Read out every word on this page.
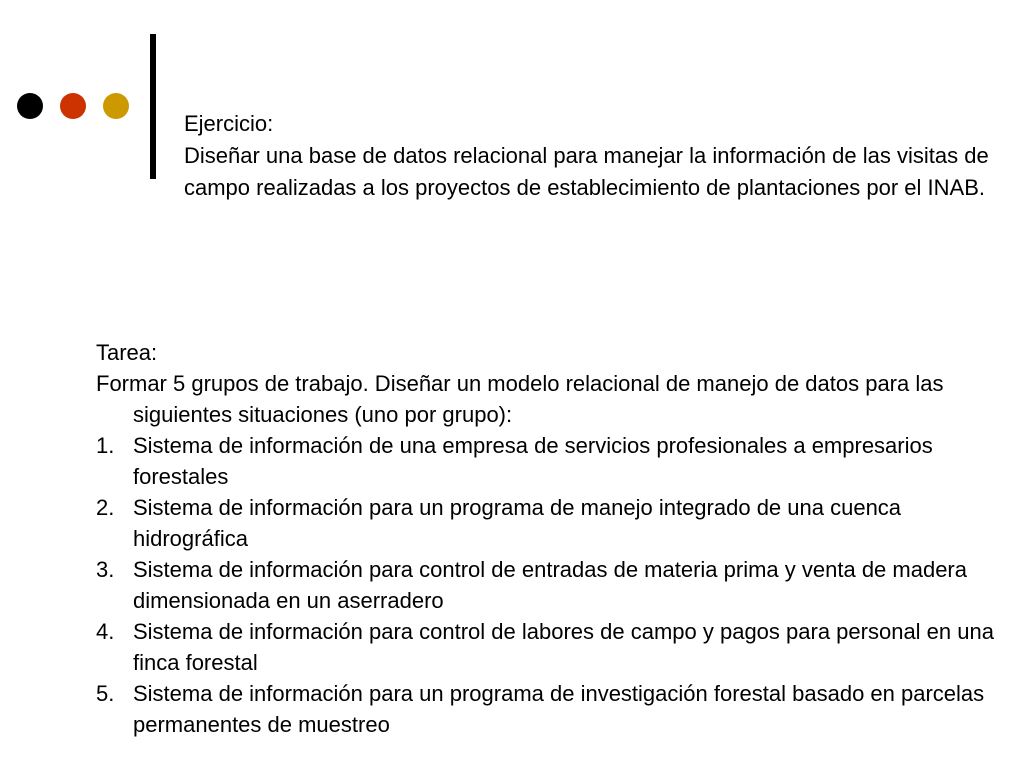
Ejercicio:

Diseñar una base de datos relacional para manejar la información de las visitas de campo realizadas a los proyectos de establecimiento de plantaciones por el INAB.

Tarea:

Formar 5 grupos de trabajo. Diseñar un modelo relacional de manejo de datos para las siguientes situaciones (uno por grupo):

1. Sistema de información de una empresa de servicios profesionales a empresarios forestales
2. Sistema de información para un programa de manejo integrado de una cuenca hidrográfica
3. Sistema de información para control de entradas de materia prima y venta de madera dimensionada en un aserradero
4. Sistema de información para control de labores de campo y pagos para personal en una finca forestal
5. Sistema de información para un programa de investigación forestal basado en parcelas permanentes de muestreo
